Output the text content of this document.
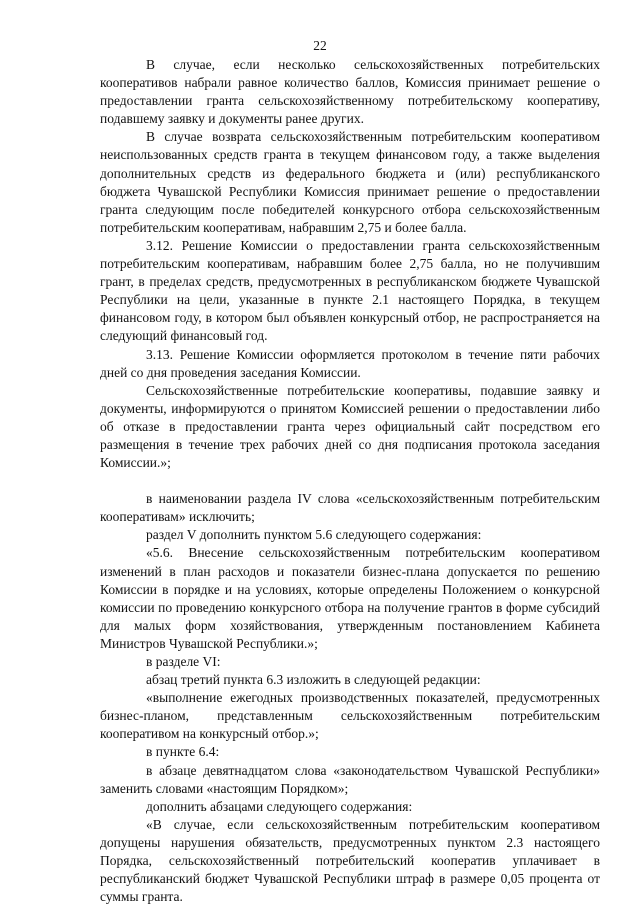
22

В случае, если несколько сельскохозяйственных потребительских кооперативов набрали равное количество баллов, Комиссия принимает решение о предоставлении гранта сельскохозяйственному потребительскому кооперативу, подавшему заявку и документы ранее других.

В случае возврата сельскохозяйственным потребительским кооперативом неиспользованных средств гранта в текущем финансовом году, а также выделения дополнительных средств из федерального бюджета и (или) республиканского бюджета Чувашской Республики Комиссия принимает решение о предоставлении гранта следующим после победителей конкурсного отбора сельскохозяйственным потребительским кооперативам, набравшим 2,75 и более балла.

3.12. Решение Комиссии о предоставлении гранта сельскохозяйственным потребительским кооперативам, набравшим более 2,75 балла, но не получившим грант, в пределах средств, предусмотренных в республиканском бюджете Чувашской Республики на цели, указанные в пункте 2.1 настоящего Порядка, в текущем финансовом году, в котором был объявлен конкурсный отбор, не распространяется на следующий финансовый год.

3.13. Решение Комиссии оформляется протоколом в течение пяти рабочих дней со дня проведения заседания Комиссии.

Сельскохозяйственные потребительские кооперативы, подавшие заявку и документы, информируются о принятом Комиссией решении о предоставлении либо об отказе в предоставлении гранта через официальный сайт посредством его размещения в течение трех рабочих дней со дня подписания протокола заседания Комиссии.»;

в наименовании раздела IV слова «сельскохозяйственным потребительским кооперативам» исключить;

раздел V дополнить пунктом 5.6 следующего содержания:

«5.6. Внесение сельскохозяйственным потребительским кооперативом изменений в план расходов и показатели бизнес-плана допускается по решению Комиссии в порядке и на условиях, которые определены Положением о конкурсной комиссии по проведению конкурсного отбора на получение грантов в форме субсидий для малых форм хозяйствования, утвержденным постановлением Кабинета Министров Чувашской Республики.»;

в разделе VI:

абзац третий пункта 6.3 изложить в следующей редакции:

«выполнение ежегодных производственных показателей, предусмотренных бизнес-планом, представленным сельскохозяйственным потребительским кооперативом на конкурсный отбор.»;

в пункте 6.4:

в абзаце девятнадцатом слова «законодательством Чувашской Республики» заменить словами «настоящим Порядком»;

дополнить абзацами следующего содержания:

«В случае, если сельскохозяйственным потребительским кооперативом допущены нарушения обязательств, предусмотренных пунктом 2.3 настоящего Порядка, сельскохозяйственный потребительский кооператив уплачивает в республиканский бюджет Чувашской Республики штраф в размере 0,05 процента от суммы гранта.
